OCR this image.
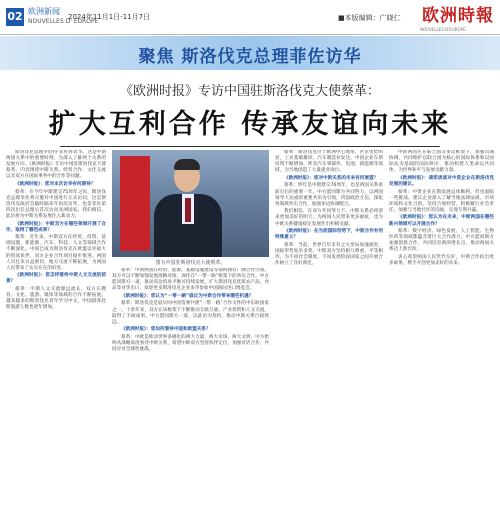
02 欧洲新闻
NOUVELLES D' EUROPE
2024年11月1日-11月7日	■本版编辑：广晓仁	欧洲時報
NOUVELLES D'EUROPE
聚焦 斯洛伐克总理菲佐访华
《欧洲时报》专访中国驻斯洛伐克大使蔡革：
扩大互利合作 传承友谊向未来

斯洛伐克总理罗伯特·菲佐将访华。这是中斯两国关系中的重要时刻，为深入了解两个关系的发展方向，《欧洲时报》专访中国驻斯洛伐克大使蔡革。内容围绕中斯关系、经贸合作、文化交流以及双方在国际事务中的合作等问题。

《欧洲时报》：您对本次访华有何期待？

蔡革：在今年中斯建交75周年之际，斯洛伐克总理菲佐将应邀对中国进行正式访问，这是斯洛伐克政府首脑时隔多年再次访华，也是菲佐第四次出任总理后首次访问亚洲国家。我们相信，此访将为中斯关系发展注入新动力。

《欧洲时报》：中斯双方在哪些领域开展了合作，取得了哪些成果？

蔡革：近年来，中斯双方在经贸、投资、基础设施、新能源、汽车、科技、人文等领域合作不断深化。中国已成为斯洛伐克在欧盟以外最大的贸易伙伴，双方企业合作项目稳步推进。两国人员往来日益密切，地方交流不断拓展，为两国人民带来了实实在在的好处。

《欧洲时报》：您怎样看待中斯人文交流的前景？

蔡革：中斯人文交流源远流长，双方在教育、文化、旅游、媒体等领域的合作不断拓展。越来越多的斯洛伐克青年学习中文，中国游客赴斯旅游人数也逐年增加。

图为中国驻斯洛伐克大使蔡革。

蔡革：中斯两国在经贸、能源、基础设施建设等领域拥有广阔合作空间。双方可以不断加强发展战略对接，深化在“一带一路”框架下的务实合作。中方愿同斯方一道，推动双边贸易平衡可持续发展，扩大斯洛伐克优质农产品、食品等对华出口，欢迎更多斯洛伐克企业来华参加中国国际进口博览会。

《欧洲时报》：您认为“一带一路”倡议为中斯合作带来哪些机遇？

蔡革：斯洛伐克是较早同中国签署共建“一带一路”合作文件的中东欧国家之一。十余年来，双方在该框架下不断推动互联互通、产业投资和人文交流，取得了丰硕成果。中方愿同斯方一道，以此访为契机，推动中斯关系行稳致远。

《欧洲时报》：您如何看待中国和欧盟关系？

蔡革：中欧是推动世界多极化的两大力量，两大市场、两大文明。中方始终从战略高度看待中欧关系，希望中欧双方坚持伙伴定位，加强对话合作，共同应对全球性挑战。

蔡革：斯洛伐克位于欧洲中心地带，区位优势明显，工业基础雄厚，汽车制造业发达。中国企业在斯投资不断增加，涉及汽车零部件、电池、新能源等领域，为当地创造了大量就业岗位。

《欧洲时报》：您对中斯关系的未来有何展望？

蔡革：明年是中斯建交76周年，也是两国关系承前启后的重要一年。中方愿同斯方共同努力，以两国领导人达成的重要共识为引领，巩固政治互信，深化各领域务实合作，加强多边协调配合。

我们相信，在双方共同努力下，中斯关系必将迎来更加美好的明天，为两国人民带来更多福祉，也为中欧关系健康稳定发展作出积极贡献。

《欧洲时报》：在当前国际形势下，中斯合作有何特殊意义？

蔡革：当前，世界百年未有之大变局加速演进，国际形势复杂多变。中斯双方坚持相互尊重、平等相待，为不同社会制度、不同发展阶段国家之间开展合作树立了良好典范。

中斯两国应在联合国等多边框架下，加强沟通协调，共同维护以联合国为核心的国际体系和以国际法为基础的国际秩序，推动构建人类命运共同体，为世界和平与发展贡献力量。

《欧洲时报》：请您谈谈对中资企业在斯洛伐克发展的建议。

蔡革：中资企业在斯发展总体顺利，但也面临一些挑战。建议企业深入了解当地法律法规、市场环境和文化习俗，坚持合规经营，积极履行社会责任，加强与当地社区的沟通，实现互利共赢。

《欧洲时报》：您认为在未来，中斯两国在哪些新兴领域可以开展合作？

蔡革：数字经济、绿色发展、人工智能、生物医药等领域都蕴含着巨大合作潜力。中方愿同斯方加强创新合作，共同培育新的增长点，推动两国关系迈上新台阶。

衷心希望两国人民世代友好，中斯合作结出更多硕果，携手开创更加美好的未来。
